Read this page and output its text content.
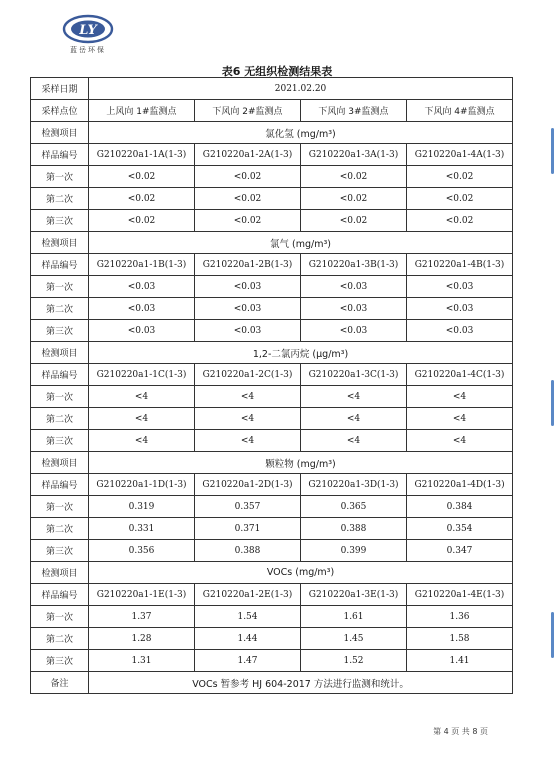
LY
蓝岳环保
表6 无组织检测结果表
采样日期	2021.02.20			
采样点位	上风向 1#监测点	下风向 2#监测点	下风向 3#监测点	下风向 4#监测点
检测项目	氯化氢 (mg/m³)			
样品编号	G210220a1-1A(1-3)	G210220a1-2A(1-3)	G210220a1-3A(1-3)	G210220a1-4A(1-3)
第一次	<0.02	<0.02	<0.02	<0.02
第二次	<0.02	<0.02	<0.02	<0.02
第三次	<0.02	<0.02	<0.02	<0.02
检测项目	氯气 (mg/m³)			
样品编号	G210220a1-1B(1-3)	G210220a1-2B(1-3)	G210220a1-3B(1-3)	G210220a1-4B(1-3)
第一次	<0.03	<0.03	<0.03	<0.03
第二次	<0.03	<0.03	<0.03	<0.03
第三次	<0.03	<0.03	<0.03	<0.03
检测项目	1,2-二氯丙烷 (μg/m³)			
样品编号	G210220a1-1C(1-3)	G210220a1-2C(1-3)	G210220a1-3C(1-3)	G210220a1-4C(1-3)
第一次	<4	<4	<4	<4
第二次	<4	<4	<4	<4
第三次	<4	<4	<4	<4
检测项目	颗粒物 (mg/m³)			
样品编号	G210220a1-1D(1-3)	G210220a1-2D(1-3)	G210220a1-3D(1-3)	G210220a1-4D(1-3)
第一次	0.319	0.357	0.365	0.384
第二次	0.331	0.371	0.388	0.354
第三次	0.356	0.388	0.399	0.347
检测项目	VOCs (mg/m³)			
样品编号	G210220a1-1E(1-3)	G210220a1-2E(1-3)	G210220a1-3E(1-3)	G210220a1-4E(1-3)
第一次	1.37	1.54	1.61	1.36
第二次	1.28	1.44	1.45	1.58
第三次	1.31	1.47	1.52	1.41
备注	VOCs 暂参考 HJ 604-2017 方法进行监测和统计。			
第 4 页 共 8 页
